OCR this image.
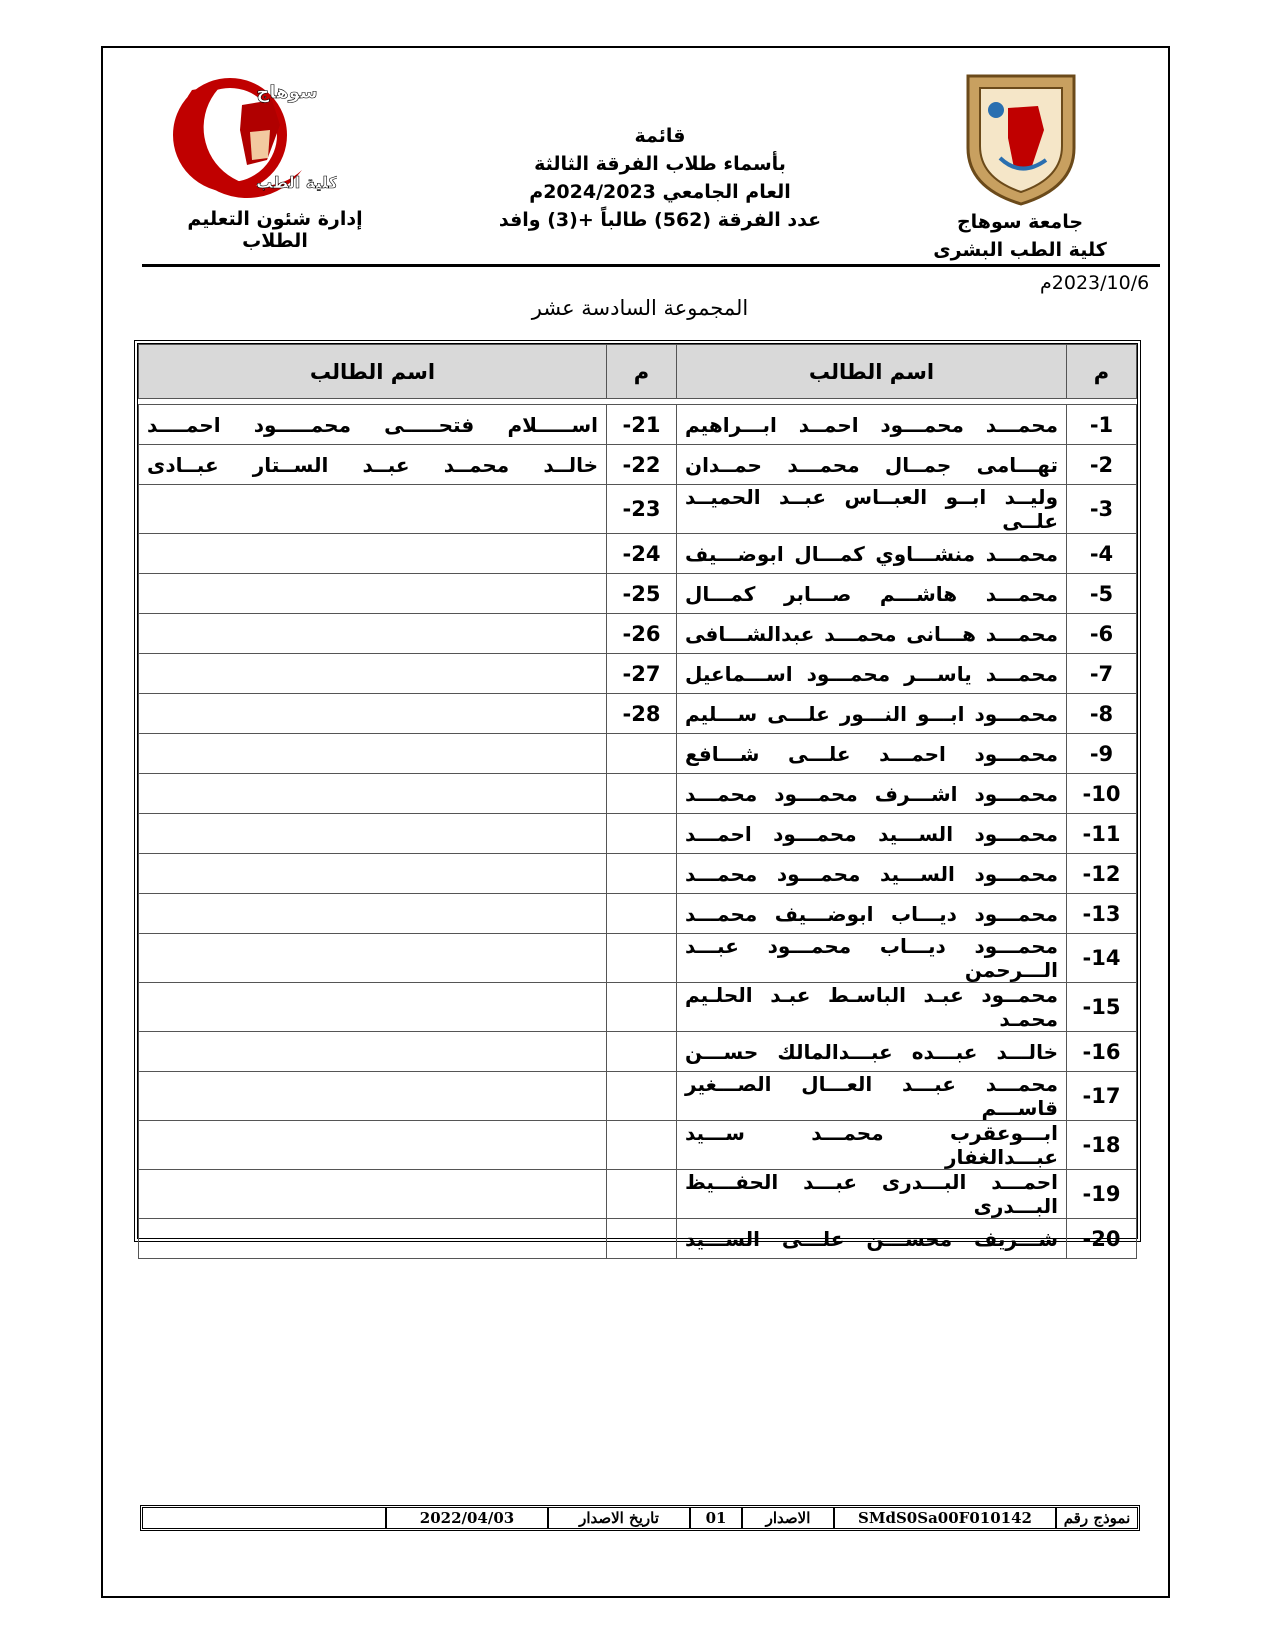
سوهاج
كلية الطب
إدارة شئون التعليم الطلاب
قائمة
بأسماء طلاب الفرقة الثالثة
العام الجامعي 2024/2023م
عدد الفرقة (562) طالباً +(3) وافد	جامعة سوهاج
كلية الطب البشرى
2023/10/6م
المجموعة السادسة عشر
م	اسم الطالب	م	اسم الطالب

1-	محمـــد محمـــود احمــد ابـــراهيم	21-	اســـــلام فتحـــــى محمـــــود احمــــد
2-	تهـــامى جمــال محمـــد حمــدان	22-	خالــد محمــد عبــد الســتار عبــادى
3-	وليــد ابــو العبــاس عبــد الحميــد علــى	23-	
4-	محمـــد منشـــاوي كمـــال ابوضـــيف	24-	
5-	محمـــد هاشـــم صـــابر كمـــال	25-	
6-	محمـــد هـــانى محمـــد عبدالشـــافى	26-	
7-	محمـــد ياســـر محمـــود اســـماعيل	27-	
8-	محمـــود ابـــو النـــور علـــى ســـليم	28-	
9-	محمـــود احمـــد علـــى شـــافع		
10-	محمـــود اشـــرف محمـــود محمـــد		
11-	محمـــود الســـيد محمـــود احمـــد		
12-	محمـــود الســـيد محمـــود محمـــد		
13-	محمـــود ديـــاب ابوضـــيف محمـــد		
14-	محمـــود ديـــاب محمـــود عبـــد الـــرحمن		
15-	محمــود عبـد الباسـط عبـد الحلـيم محمـد		
16-	خالـــد عبـــده عبـــدالمالك حســـن		
17-	محمـــد عبـــد العـــال الصـــغير قاســـم		
18-	ابـــوعقرب محمـــد ســـيد عبـــدالغفار		
19-	احمـــد البـــدرى عبـــد الحفـــيظ البـــدرى		
20-	شـــريف محســـن علـــى الســـيد		
نموذج رقم	SMdS0Sa00F010142	الاصدار	01	تاريخ الاصدار	2022/04/03	
